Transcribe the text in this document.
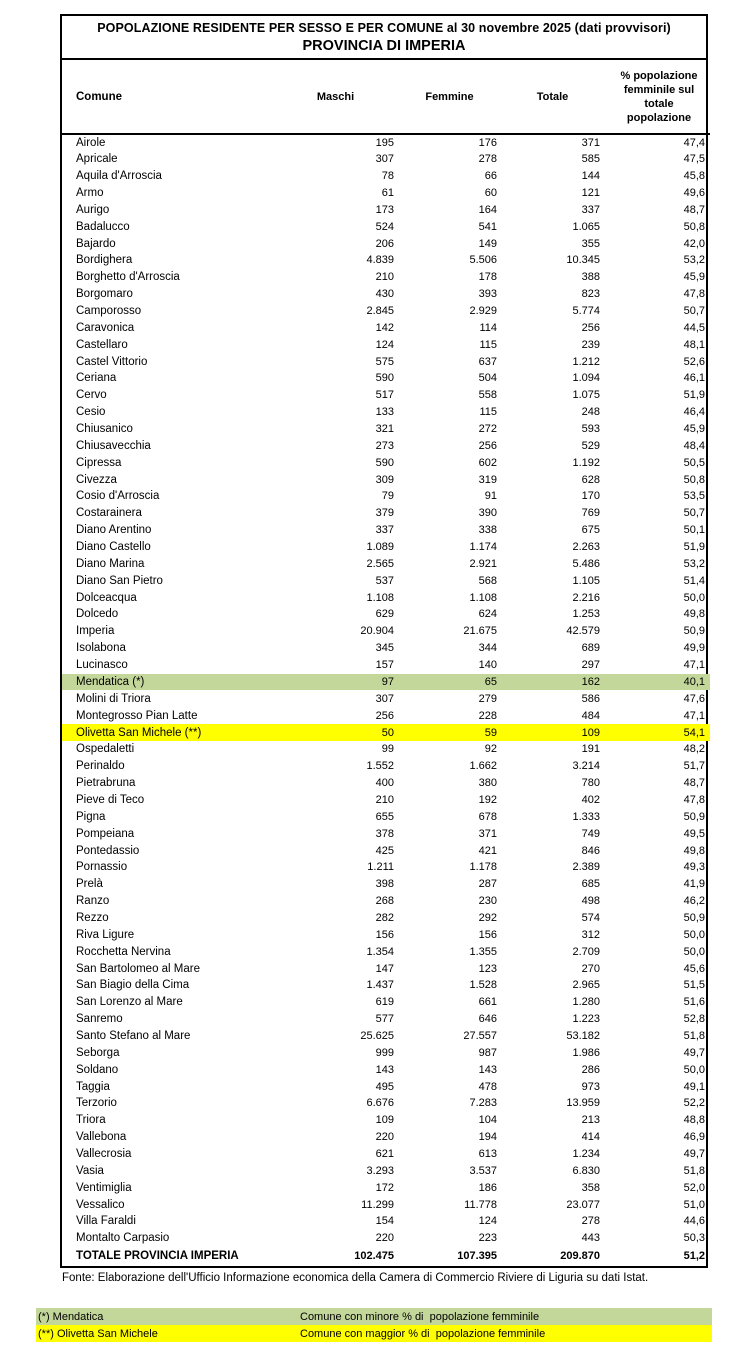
POPOLAZIONE RESIDENTE PER SESSO E PER COMUNE al 30 novembre 2025 (dati provvisori)
PROVINCIA DI IMPERIA
Comune	Maschi	Femmine	Totale	% popolazione femminile sul totale popolazione
Airole	195	176	371	47,4
Apricale	307	278	585	47,5
Aquila d'Arroscia	78	66	144	45,8
Armo	61	60	121	49,6
Aurigo	173	164	337	48,7
Badalucco	524	541	1.065	50,8
Bajardo	206	149	355	42,0
Bordighera	4.839	5.506	10.345	53,2
Borghetto d'Arroscia	210	178	388	45,9
Borgomaro	430	393	823	47,8
Camporosso	2.845	2.929	5.774	50,7
Caravonica	142	114	256	44,5
Castellaro	124	115	239	48,1
Castel Vittorio	575	637	1.212	52,6
Ceriana	590	504	1.094	46,1
Cervo	517	558	1.075	51,9
Cesio	133	115	248	46,4
Chiusanico	321	272	593	45,9
Chiusavecchia	273	256	529	48,4
Cipressa	590	602	1.192	50,5
Civezza	309	319	628	50,8
Cosio d'Arroscia	79	91	170	53,5
Costarainera	379	390	769	50,7
Diano Arentino	337	338	675	50,1
Diano Castello	1.089	1.174	2.263	51,9
Diano Marina	2.565	2.921	5.486	53,2
Diano San Pietro	537	568	1.105	51,4
Dolceacqua	1.108	1.108	2.216	50,0
Dolcedo	629	624	1.253	49,8
Imperia	20.904	21.675	42.579	50,9
Isolabona	345	344	689	49,9
Lucinasco	157	140	297	47,1
Mendatica (*)	97	65	162	40,1
Molini di Triora	307	279	586	47,6
Montegrosso Pian Latte	256	228	484	47,1
Olivetta San Michele (**)	50	59	109	54,1
Ospedaletti	99	92	191	48,2
Perinaldo	1.552	1.662	3.214	51,7
Pietrabruna	400	380	780	48,7
Pieve di Teco	210	192	402	47,8
Pigna	655	678	1.333	50,9
Pompeiana	378	371	749	49,5
Pontedassio	425	421	846	49,8
Pornassio	1.211	1.178	2.389	49,3
Prelà	398	287	685	41,9
Ranzo	268	230	498	46,2
Rezzo	282	292	574	50,9
Riva Ligure	156	156	312	50,0
Rocchetta Nervina	1.354	1.355	2.709	50,0
San Bartolomeo al Mare	147	123	270	45,6
San Biagio della Cima	1.437	1.528	2.965	51,5
San Lorenzo al Mare	619	661	1.280	51,6
Sanremo	577	646	1.223	52,8
Santo Stefano al Mare	25.625	27.557	53.182	51,8
Seborga	999	987	1.986	49,7
Soldano	143	143	286	50,0
Taggia	495	478	973	49,1
Terzorio	6.676	7.283	13.959	52,2
Triora	109	104	213	48,8
Vallebona	220	194	414	46,9
Vallecrosia	621	613	1.234	49,7
Vasia	3.293	3.537	6.830	51,8
Ventimiglia	172	186	358	52,0
Vessalico	11.299	11.778	23.077	51,0
Villa Faraldi	154	124	278	44,6
Montalto Carpasio	220	223	443	50,3
TOTALE PROVINCIA IMPERIA	102.475	107.395	209.870	51,2
Fonte: Elaborazione dell'Ufficio Informazione economica della Camera di Commercio Riviere di Liguria su dati Istat.
(*) Mendatica	Comune con minore % di  popolazione femminile
(**) Olivetta San Michele	Comune con maggior % di  popolazione femminile
